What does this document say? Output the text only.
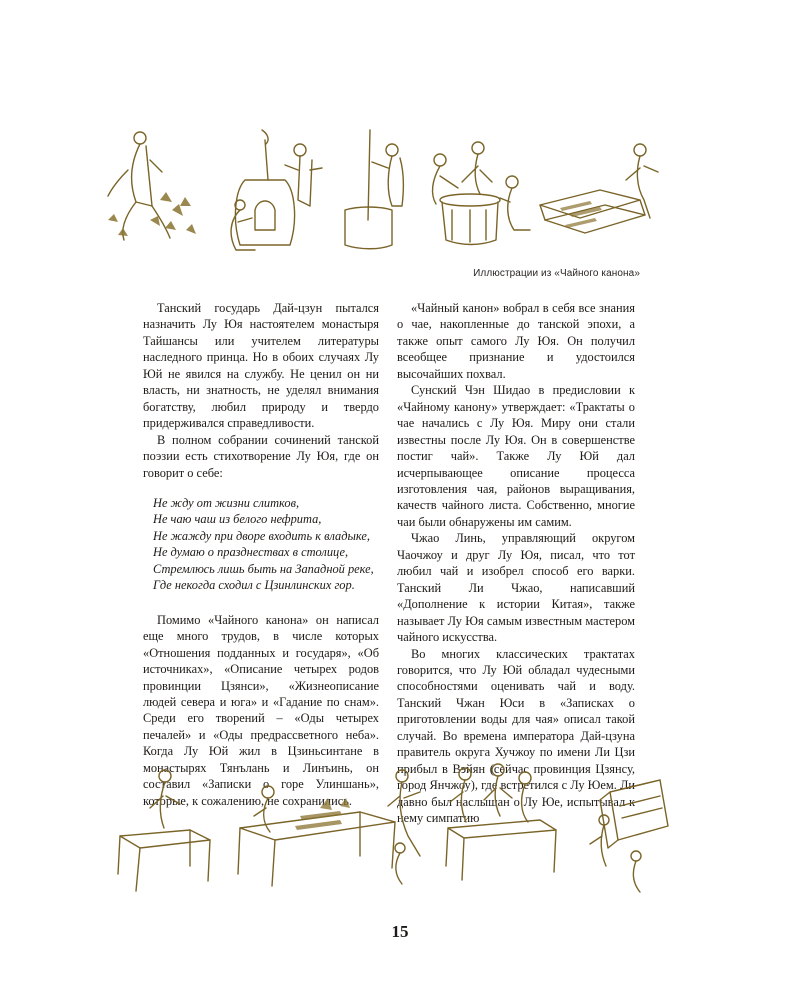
Иллюстрации из «Чайного канона»

Танский государь Дай-цзун пытался назначить Лу Юя настоятелем монастыря Тайшансы или учителем литературы наследного принца. Но в обоих случаях Лу Юй не явился на службу. Не ценил он ни власть, ни знатность, не уделял внимания богатству, любил природу и твердо придерживался справедливости.

В полном собрании сочинений танской поэзии есть стихотворение Лу Юя, где он говорит о себе:

Не жду от жизни слитков,
Не чаю чаш из белого нефрита,
Не жажду при дворе входить к владыке,
Не думаю о празднествах в столице,
Стремлюсь лишь быть на Западной реке,
Где некогда сходил с Цзинлинских гор.

Помимо «Чайного канона» он написал еще много трудов, в числе которых «Отношения подданных и государя», «Об источниках», «Описание четырех родов провинции Цзянси», «Жизнеописание людей севера и юга» и «Гадание по снам». Среди его творений – «Оды четырех печалей» и «Оды предрассветного неба». Когда Лу Юй жил в Цзиньсинтане в монастырях Тянълань и Линъинь, он составил «Записки о горе Улиншань», которые, к сожалению, не сохранились.

«Чайный канон» вобрал в себя все знания о чае, накопленные до танской эпохи, а также опыт самого Лу Юя. Он получил всеобщее признание и удостоился высочайших похвал.

Сунский Чэн Шидао в предисловии к «Чайному канону» утверждает: «Трактаты о чае начались с Лу Юя. Миру они стали известны после Лу Юя. Он в совершенстве постиг чай». Также Лу Юй дал исчерпывающее описание процесса изготовления чая, районов выращивания, качеств чайного листа. Собственно, многие чаи были обнаружены им самим.

Чжао Линь, управляющий округом Чаочжоу и друг Лу Юя, писал, что тот любил чай и изобрел способ его варки. Танский Ли Чжао, написавший «Дополнение к истории Китая», также называет Лу Юя самым известным мастером чайного искусства.

Во многих классических трактатах говорится, что Лу Юй обладал чудесными способностями оценивать чай и воду. Танский Чжан Юси в «Записках о приготовлении воды для чая» описал такой случай. Во времена императора Дай-цзуна правитель округа Хучжоу по имени Ли Цзи прибыл в Вэйян (сейчас провинция Цзянсу, город Янчжоу), где встретился с Лу Юем. Ли давно был наслышан о Лу Юе, испытывал к нему симпатию

15
